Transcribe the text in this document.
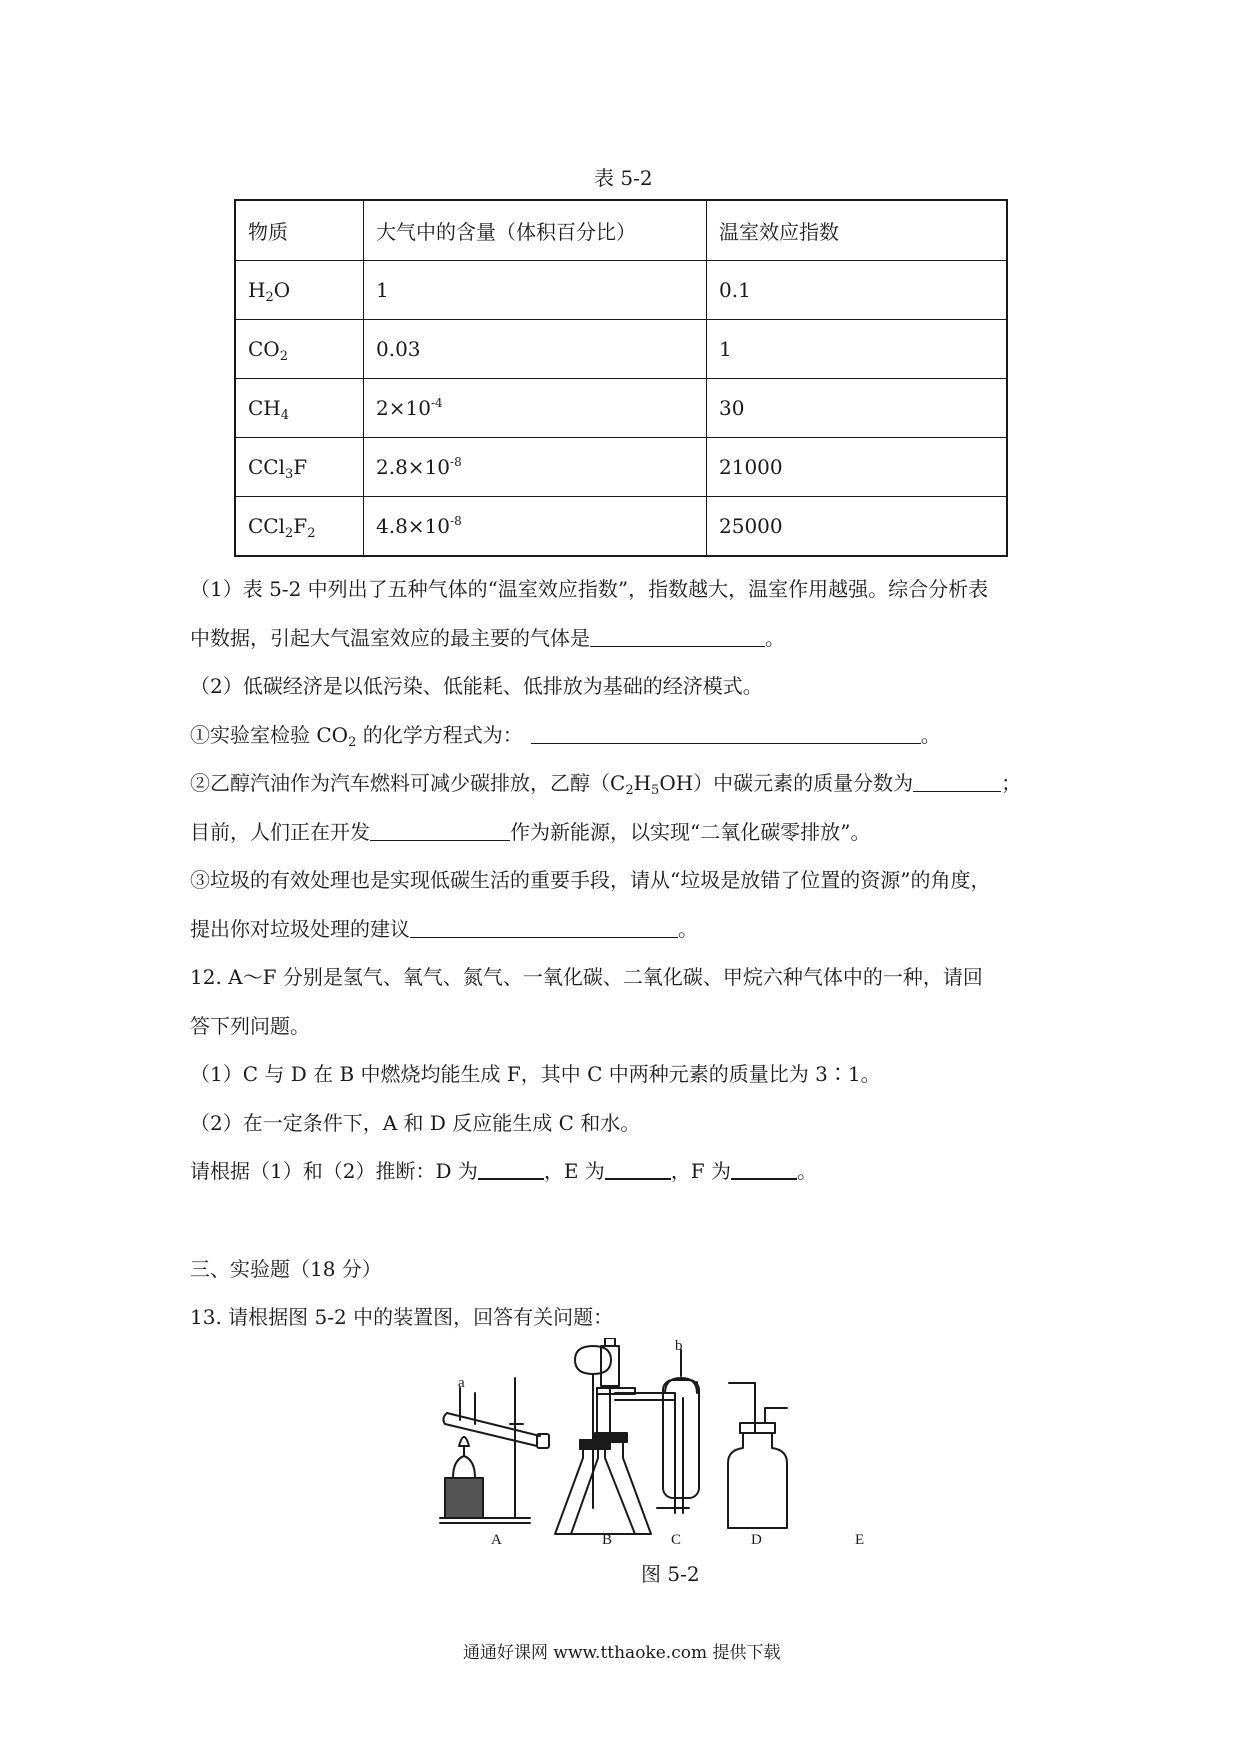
表 5-2
物质	大气中的含量（体积百分比）	温室效应指数
$H_2O$	1	0.1
$CO_2$	0.03	1
$CH_4$	$2\times 10^{-4}$	30
CCl$_3$F	$2.8\times 10^{-8}$	21000
$CCl_2F_2$	$4.8\times 10^{-8}$	25000
（1）表 5-2 中列出了五种气体的“温室效应指数”，指数越大，温室作用越强。综合分析表
中数据，引起大气温室效应的最主要的气体是	。
（2）低碳经济是以低污染、低能耗、低排放为基础的经济模式。
①实验室检验 $CO_2$ 的化学方程式为：	。
②乙醇汽油作为汽车燃料可减少碳排放，乙醇$(C_2H_5OH)$中碳元素的质量分数为	；
目前，人们正在开发	作为新能源，以实现“二氧化碳零排放”。
③垃圾的有效处理也是实现低碳生活的重要手段，请从“垃圾是放错了位置的资源”的角度，
提出你对垃圾处理的建议	。
12. A～F 分别是氢气、氧气、氮气、一氧化碳、二氧化碳、甲烷六种气体中的一种，请回
答下列问题。
（1）C 与 D 在 B 中燃烧均能生成 F，其中 C 中两种元素的质量比为 3∶1。
（2）在一定条件下，A 和 D 反应能生成 C 和水。
请根据（1）和（2）推断：D 为	，E 为	，F 为	。
三、实验题（18 分）
13. 请根据图 5-2 中的装置图，回答有关问题：
a
b
A	B	C	D	E
图 5-2
通通好课网 www.tthaoke.com 提供下载
